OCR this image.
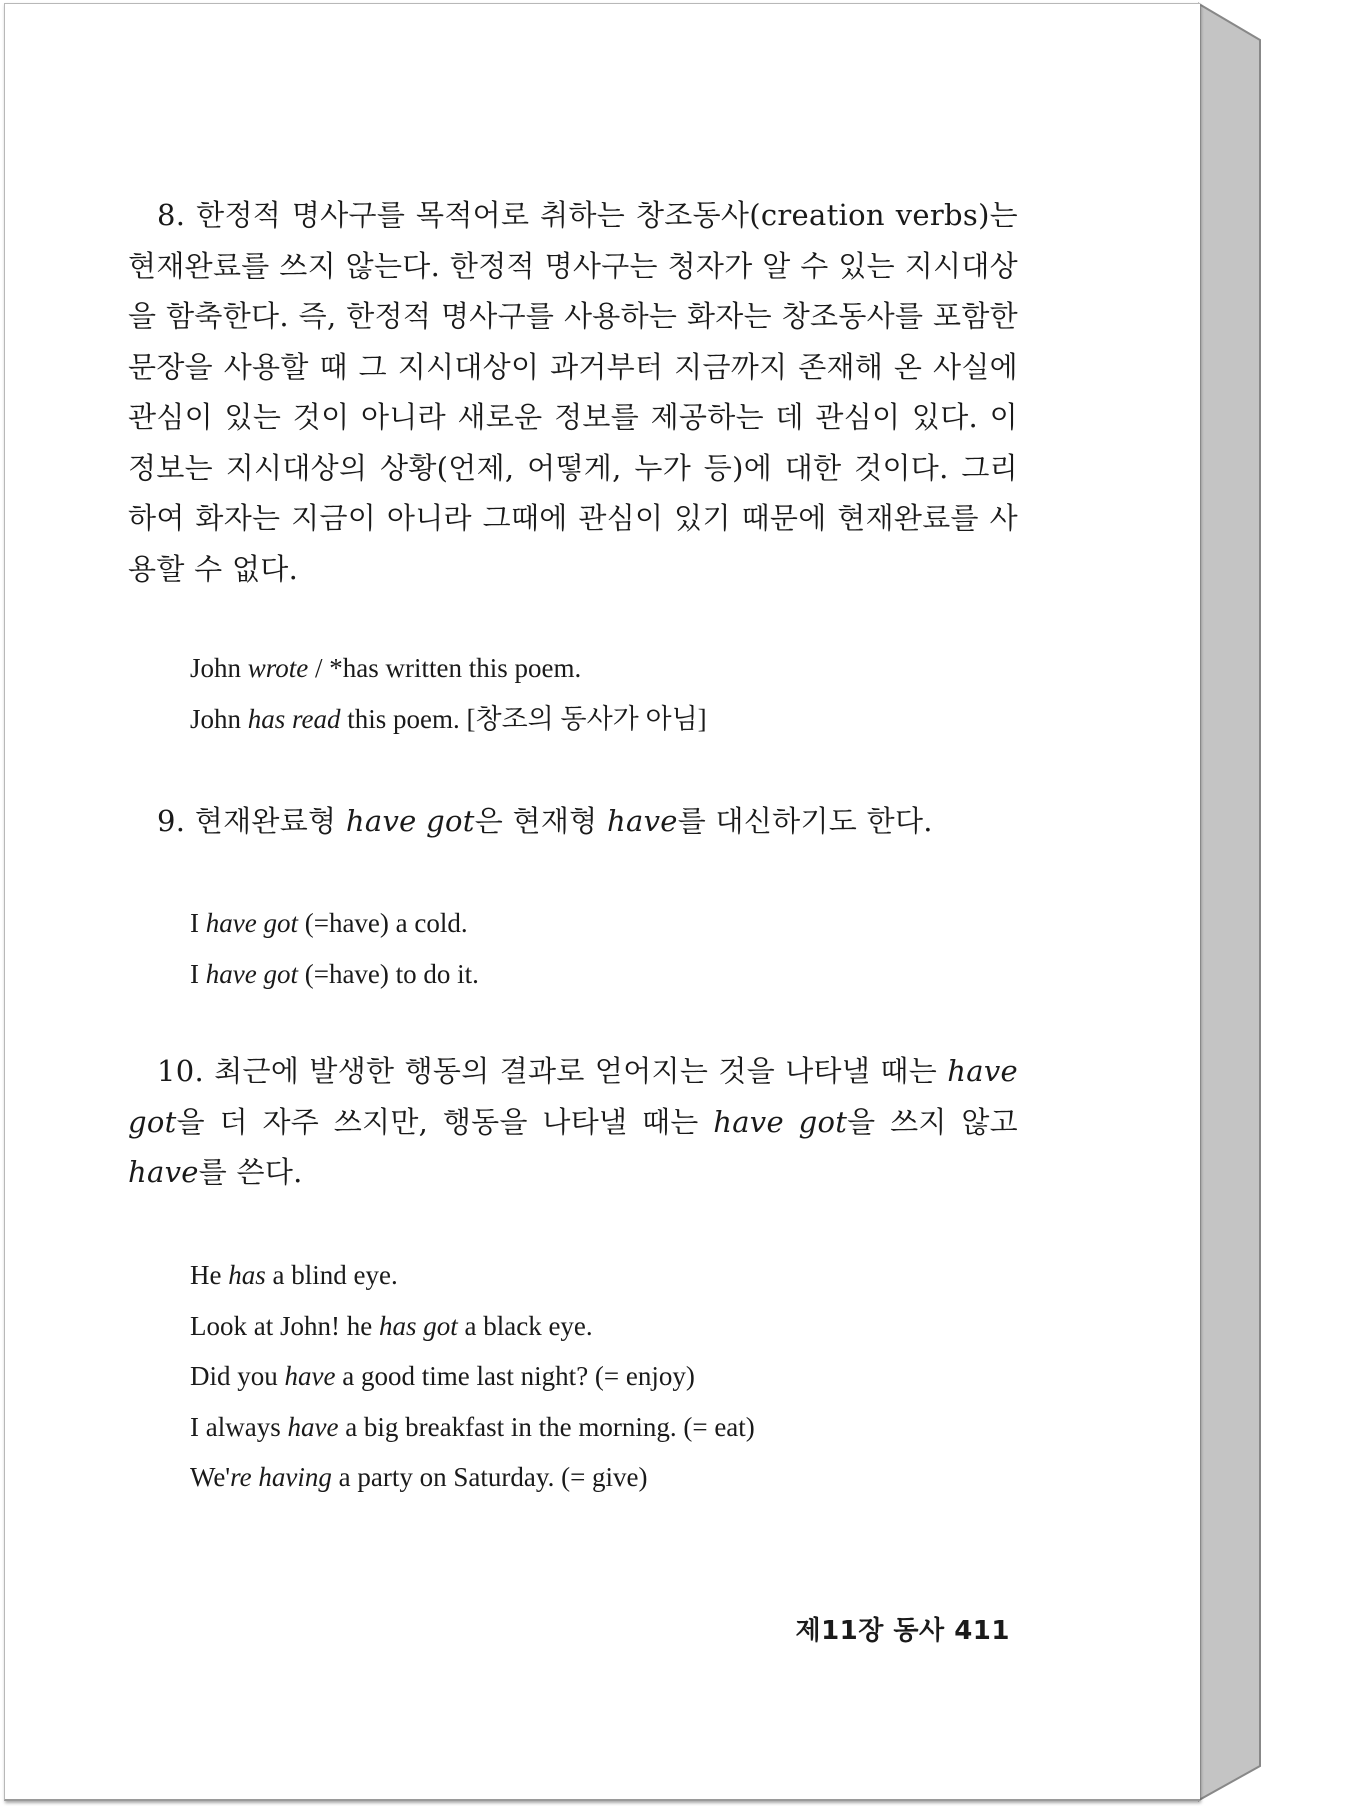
8. 한정적 명사구를 목적어로 취하는 창조동사(creation verbs)는 현재완료를 쓰지 않는다. 한정적 명사구는 청자가 알 수 있는 지시대상을 함축한다. 즉, 한정적 명사구를 사용하는 화자는 창조동사를 포함한 문장을 사용할 때 그 지시대상이 과거부터 지금까지 존재해 온 사실에 관심이 있는 것이 아니라 새로운 정보를 제공하는 데 관심이 있다. 이 정보는 지시대상의 상황(언제, 어떻게, 누가 등)에 대한 것이다. 그리하여 화자는 지금이 아니라 그때에 관심이 있기 때문에 현재완료를 사용할 수 없다.

John wrote / *has written this poem.
John has read this poem. [창조의 동사가 아님]

9. 현재완료형 have got은 현재형 have를 대신하기도 한다.

I have got (=have) a cold.
I have got (=have) to do it.

10. 최근에 발생한 행동의 결과로 얻어지는 것을 나타낼 때는 have got을 더 자주 쓰지만, 행동을 나타낼 때는 have got을 쓰지 않고 have를 쓴다.

He has a blind eye.
Look at John! he has got a black eye.
Did you have a good time last night? (= enjoy)
I always have a big breakfast in the morning. (= eat)
We're having a party on Saturday. (= give)
제11장 동사 411
